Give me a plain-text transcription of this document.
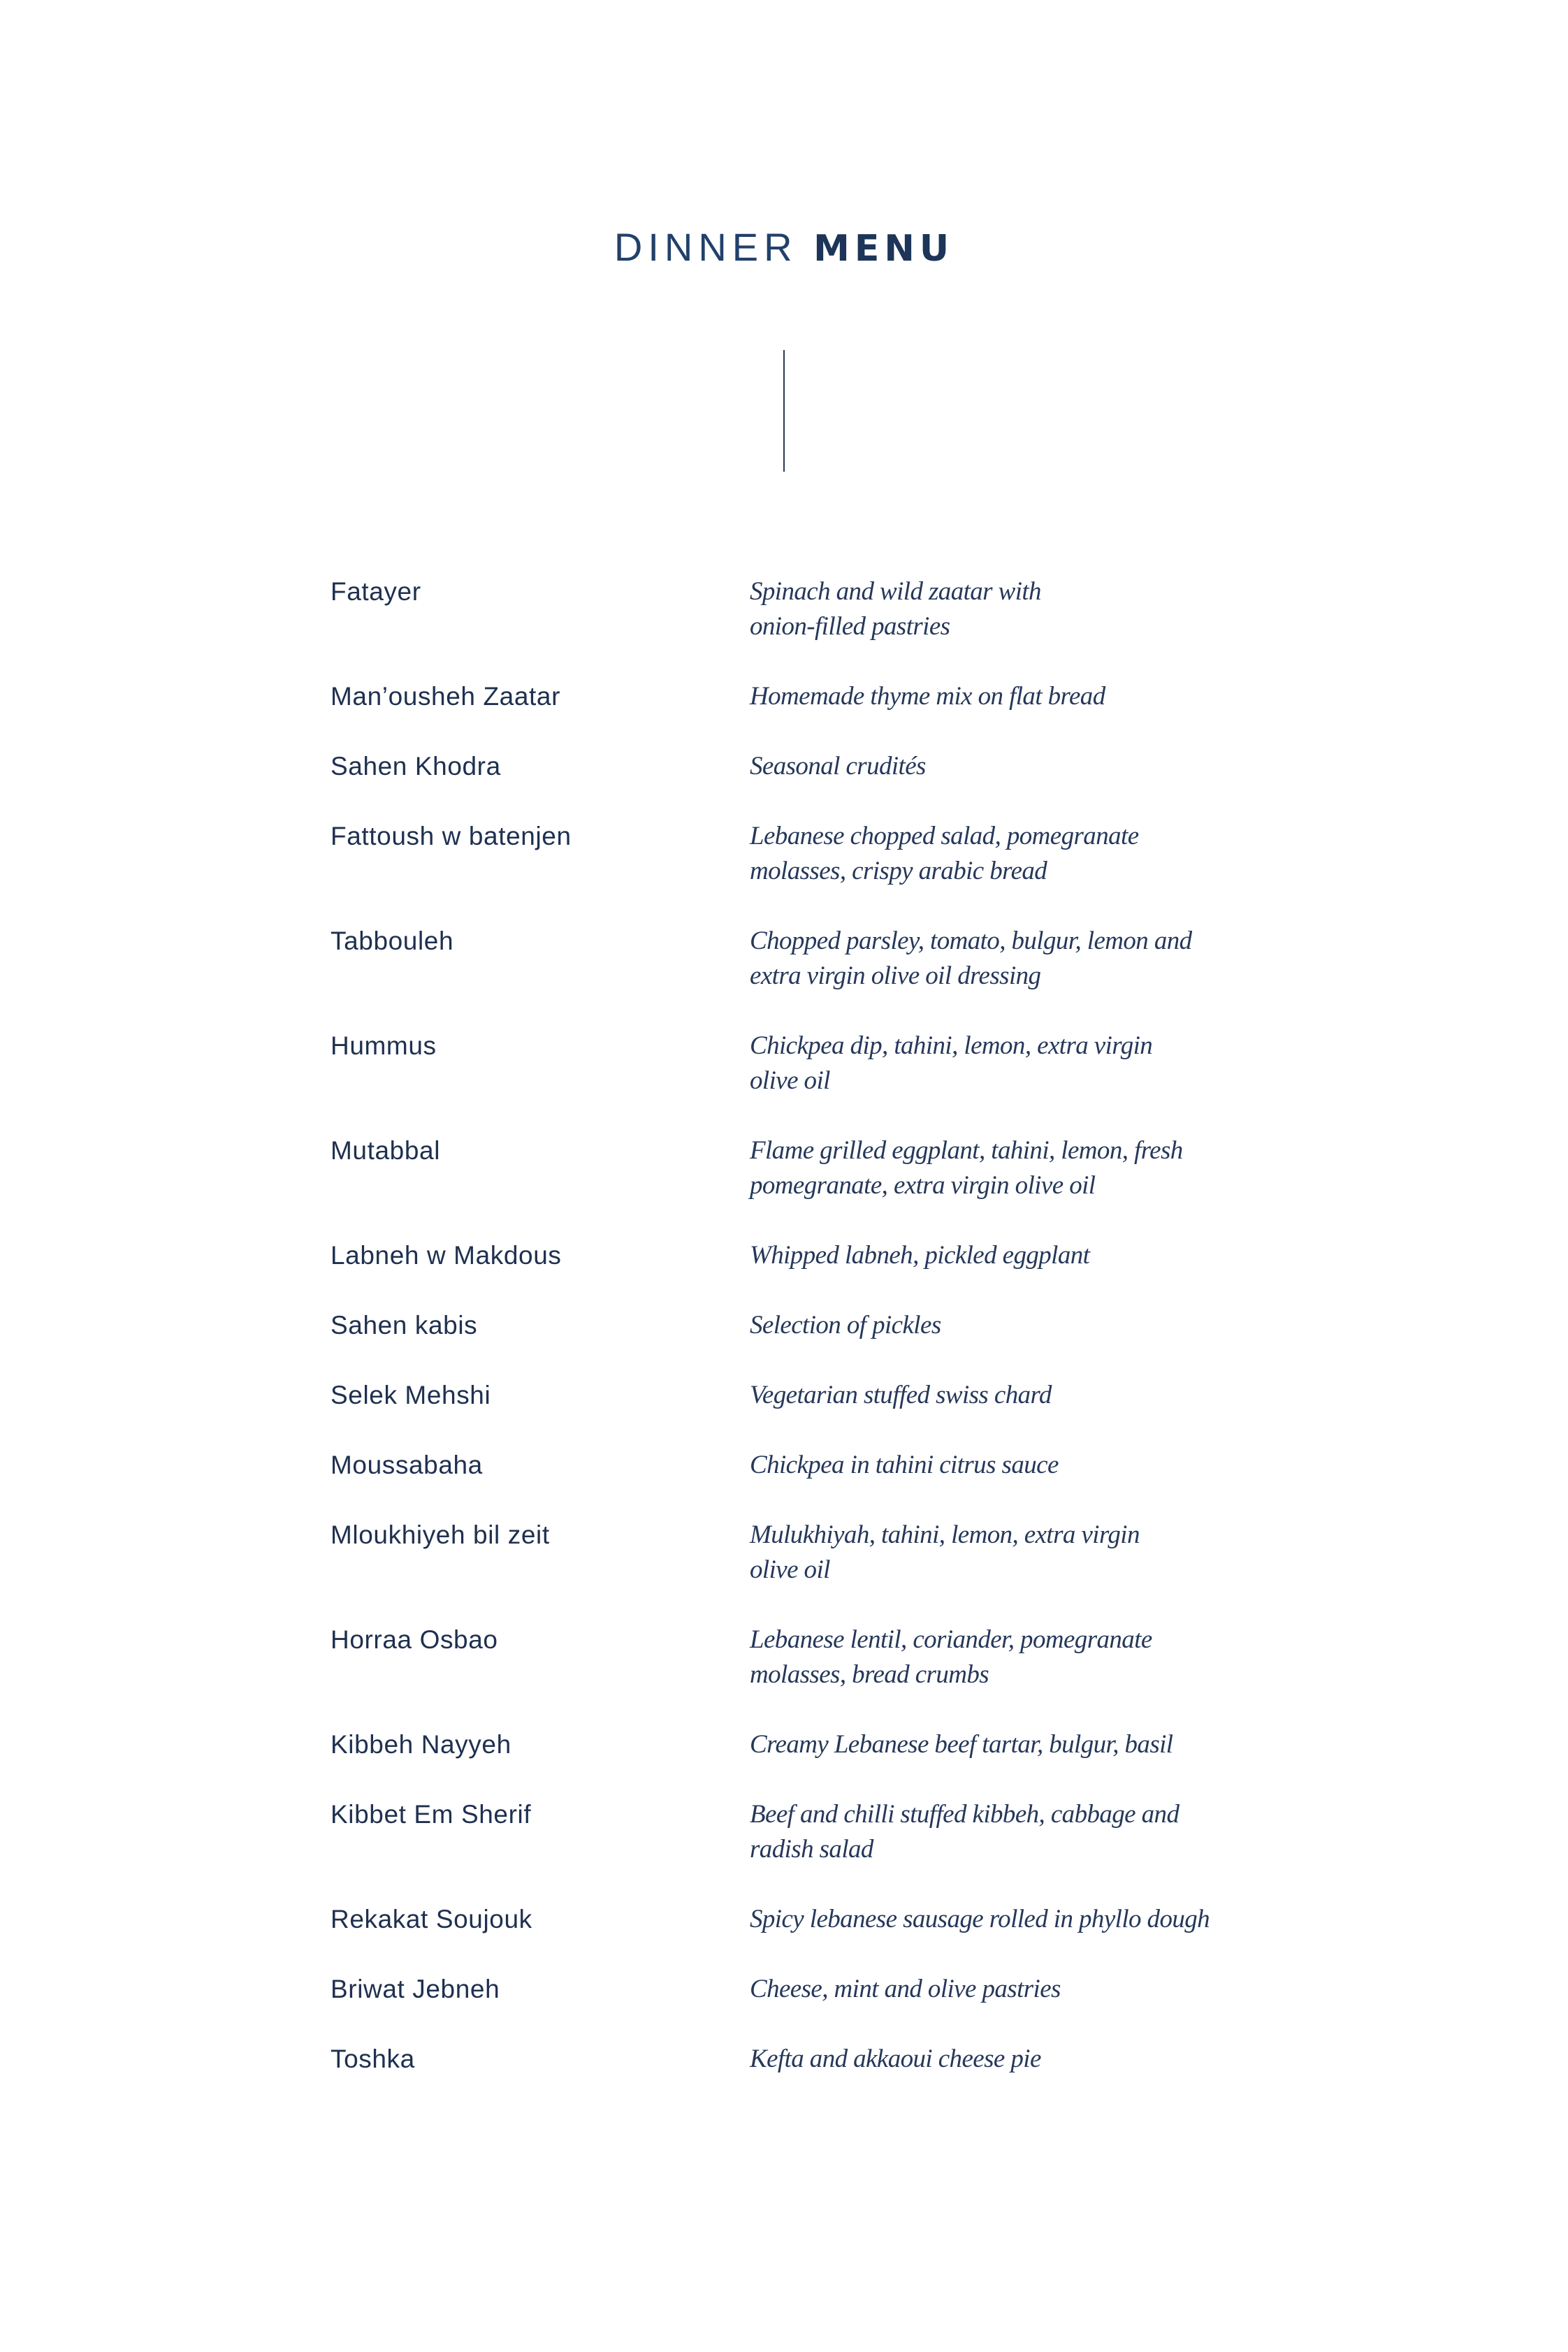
DINNER MENU
Fatayer	Spinach and wild zaatar with
onion-filled pastries
Man’ousheh Zaatar	Homemade thyme mix on flat bread
Sahen Khodra	Seasonal crudités
Fattoush w batenjen	Lebanese chopped salad, pomegranate
molasses, crispy arabic bread
Tabbouleh	Chopped parsley, tomato, bulgur, lemon and
extra virgin olive oil dressing
Hummus	Chickpea dip, tahini, lemon, extra virgin
olive oil
Mutabbal	Flame grilled eggplant, tahini, lemon, fresh
pomegranate, extra virgin olive oil
Labneh w Makdous	Whipped labneh, pickled eggplant
Sahen kabis	Selection of pickles
Selek Mehshi	Vegetarian stuffed swiss chard
Moussabaha	Chickpea in tahini citrus sauce
Mloukhiyeh bil zeit	Mulukhiyah, tahini, lemon, extra virgin
olive oil
Horraa Osbao	Lebanese lentil, coriander, pomegranate
molasses, bread crumbs
Kibbeh Nayyeh	Creamy Lebanese beef tartar, bulgur, basil
Kibbet Em Sherif	Beef and chilli stuffed kibbeh, cabbage and
radish salad
Rekakat Soujouk	Spicy lebanese sausage rolled in phyllo dough
Briwat Jebneh	Cheese, mint and olive pastries
Toshka	Kefta and akkaoui cheese pie
